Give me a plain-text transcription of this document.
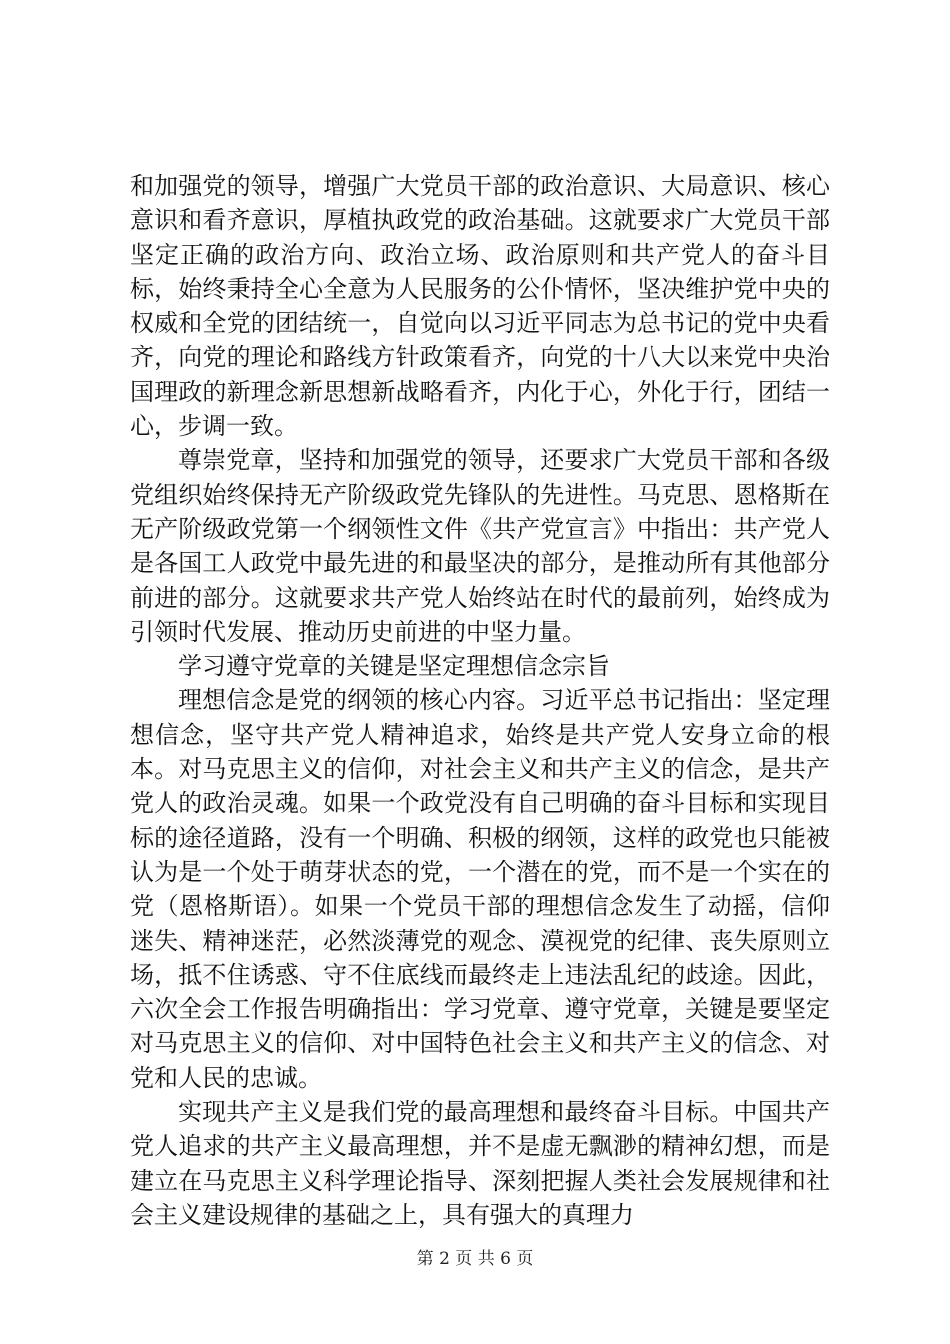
和加强党的领导，增强广大党员干部的政治意识、大局意识、核心意识和看齐意识，厚植执政党的政治基础。这就要求广大党员干部坚定正确的政治方向、政治立场、政治原则和共产党人的奋斗目标，始终秉持全心全意为人民服务的公仆情怀，坚决维护党中央的权威和全党的团结统一，自觉向以习近平同志为总书记的党中央看齐，向党的理论和路线方针政策看齐，向党的十八大以来党中央治国理政的新理念新思想新战略看齐，内化于心，外化于行，团结一心，步调一致。

尊崇党章，坚持和加强党的领导，还要求广大党员干部和各级党组织始终保持无产阶级政党先锋队的先进性。马克思、恩格斯在无产阶级政党第一个纲领性文件《共产党宣言》中指出：共产党人是各国工人政党中最先进的和最坚决的部分，是推动所有其他部分前进的部分。这就要求共产党人始终站在时代的最前列，始终成为引领时代发展、推动历史前进的中坚力量。

学习遵守党章的关键是坚定理想信念宗旨

理想信念是党的纲领的核心内容。习近平总书记指出：坚定理想信念，坚守共产党人精神追求，始终是共产党人安身立命的根本。对马克思主义的信仰，对社会主义和共产主义的信念，是共产党人的政治灵魂。如果一个政党没有自己明确的奋斗目标和实现目标的途径道路，没有一个明确、积极的纲领，这样的政党也只能被认为是一个处于萌芽状态的党，一个潜在的党，而不是一个实在的党（恩格斯语）。如果一个党员干部的理想信念发生了动摇，信仰迷失、精神迷茫，必然淡薄党的观念、漠视党的纪律、丧失原则立场，抵不住诱惑、守不住底线而最终走上违法乱纪的歧途。因此，六次全会工作报告明确指出：学习党章、遵守党章，关键是要坚定对马克思主义的信仰、对中国特色社会主义和共产主义的信念、对党和人民的忠诚。

实现共产主义是我们党的最高理想和最终奋斗目标。中国共产党人追求的共产主义最高理想，并不是虚无飘渺的精神幻想，而是建立在马克思主义科学理论指导、深刻把握人类社会发展规律和社会主义建设规律的基础之上，具有强大的真理力

第 2 页 共 6 页
